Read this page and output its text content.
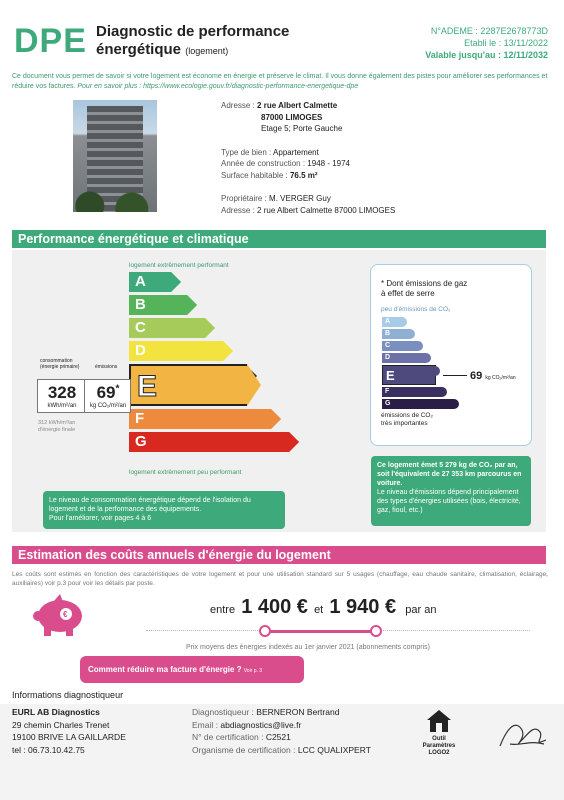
DPE Diagnostic de performance
énergétique (logement)
N°ADEME : 2287E2678773D
Etabli le : 13/11/2022
Valable jusqu'au : 12/11/2032
Ce document vous permet de savoir si votre logement est économe en énergie et préserve le climat. Il vous donne également des pistes pour améliorer ses performances et réduire vos factures. Pour en savoir plus : https://www.ecologie.gouv.fr/diagnostic-performance-energetique-dpe
Adresse : 2 rue Albert Calmette
87000 LIMOGES
Etage 5; Porte Gauche
Type de bien : Appartement
Année de construction : 1948 - 1974
Surface habitable : 76.5 m²
Propriétaire : M. VERGER Guy
Adresse : 2 rue Albert Calmette 87000 LIMOGES
Performance énergétique et climatique
logement extrêmement performant
A
B
C
D
E
F
G
logement extrêmement peu performant
consommation
(énergie primaire)	émissions
328
kWh/m²/an
69*
kg CO₂/m²/an
312 kWh/m²/an
d'énergie finale
Le niveau de consommation énergétique dépend de l'isolation du logement et de la performance des équipements.
Pour l'améliorer, voir pages 4 à 6
* Dont émissions de gaz
à effet de serre
peu d'émissions de CO₂
A
B
C
D
E
F
G
69 kg CO₂/m²/an
émissions de CO₂
très importantes
Ce logement émet 5 279 kg de CO₂ par an, soit l'équivalent de 27 353 km parcourus en voiture.
Le niveau d'émissions dépend principalement des types d'énergies utilisées (bois, électricité, gaz, fioul, etc.)
Estimation des coûts annuels d'énergie du logement
Les coûts sont estimés en fonction des caractéristiques de votre logement et pour une utilisation standard sur 5 usages (chauffage, eau chaude sanitaire, climatisation, éclairage, auxiliaires) voir p.3 pour voir les détails par poste.
€	entre 1 400 € et 1 940 € par an
Prix moyens des énergies indexés au 1er janvier 2021 (abonnements compris)
Comment réduire ma facture d'énergie ? Voir p. 3
Informations diagnostiqueur
EURL AB Diagnostics
29 chemin Charles Trenet
19100 BRIVE LA GAILLARDE
tel : 06.73.10.42.75
Diagnostiqueur : BERNERON Bertrand
Email : abdiagnostics@live.fr
N° de certification : C2521
Organisme de certification : LCC QUALIXPERT
Outil
Paramètres
LOGO2
